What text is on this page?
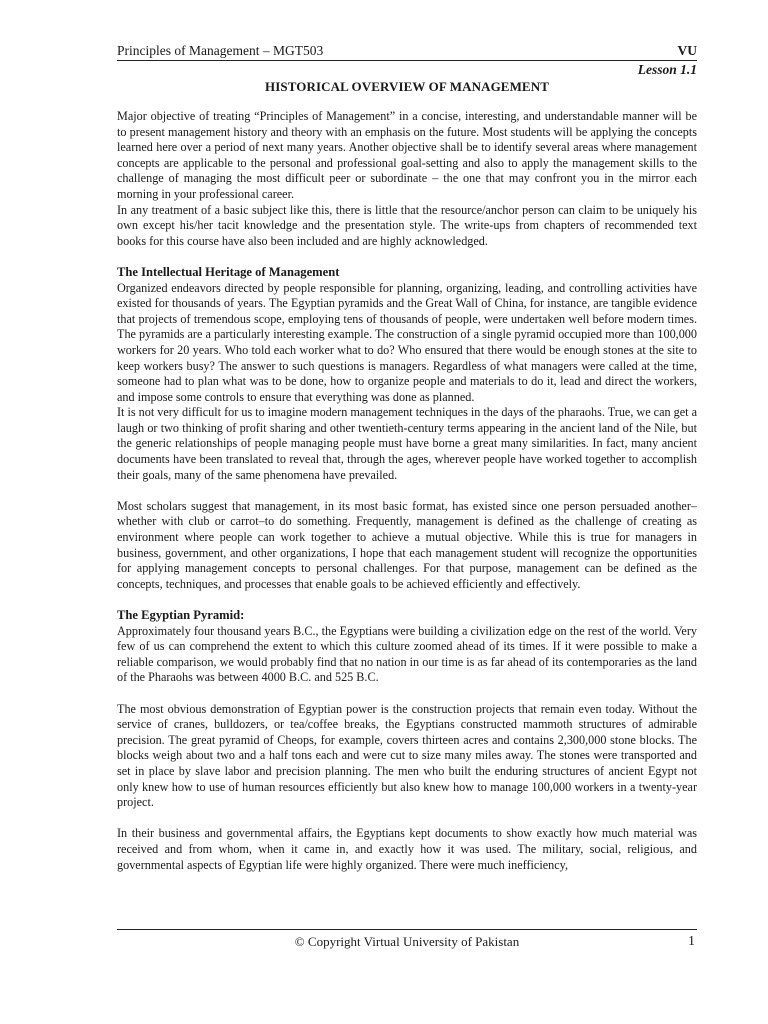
Principles of Management – MGT503	VU
Lesson 1.1
HISTORICAL OVERVIEW OF MANAGEMENT

Major objective of treating “Principles of Management” in a concise, interesting, and understandable manner will be to present management history and theory with an emphasis on the future. Most students will be applying the concepts learned here over a period of next many years. Another objective shall be to identify several areas where management concepts are applicable to the personal and professional goal-setting and also to apply the management skills to the challenge of managing the most difficult peer or subordinate – the one that may confront you in the mirror each morning in your professional career.

In any treatment of a basic subject like this, there is little that the resource/anchor person can claim to be uniquely his own except his/her tacit knowledge and the presentation style. The write-ups from chapters of recommended text books for this course have also been included and are highly acknowledged.

The Intellectual Heritage of Management

Organized endeavors directed by people responsible for planning, organizing, leading, and controlling activities have existed for thousands of years. The Egyptian pyramids and the Great Wall of China, for instance, are tangible evidence that projects of tremendous scope, employing tens of thousands of people, were undertaken well before modern times. The pyramids are a particularly interesting example. The construction of a single pyramid occupied more than 100,000 workers for 20 years. Who told each worker what to do? Who ensured that there would be enough stones at the site to keep workers busy? The answer to such questions is managers. Regardless of what managers were called at the time, someone had to plan what was to be done, how to organize people and materials to do it, lead and direct the workers, and impose some controls to ensure that everything was done as planned.

It is not very difficult for us to imagine modern management techniques in the days of the pharaohs. True, we can get a laugh or two thinking of profit sharing and other twentieth-century terms appearing in the ancient land of the Nile, but the generic relationships of people managing people must have borne a great many similarities. In fact, many ancient documents have been translated to reveal that, through the ages, wherever people have worked together to accomplish their goals, many of the same phenomena have prevailed.

Most scholars suggest that management, in its most basic format, has existed since one person persuaded another–whether with club or carrot–to do something. Frequently, management is defined as the challenge of creating as environment where people can work together to achieve a mutual objective. While this is true for managers in business, government, and other organizations, I hope that each management student will recognize the opportunities for applying management concepts to personal challenges. For that purpose, management can be defined as the concepts, techniques, and processes that enable goals to be achieved efficiently and effectively.

The Egyptian Pyramid:

Approximately four thousand years B.C., the Egyptians were building a civilization edge on the rest of the world. Very few of us can comprehend the extent to which this culture zoomed ahead of its times. If it were possible to make a reliable comparison, we would probably find that no nation in our time is as far ahead of its contemporaries as the land of the Pharaohs was between 4000 B.C. and 525 B.C.

The most obvious demonstration of Egyptian power is the construction projects that remain even today. Without the service of cranes, bulldozers, or tea/coffee breaks, the Egyptians constructed mammoth structures of admirable precision. The great pyramid of Cheops, for example, covers thirteen acres and contains 2,300,000 stone blocks. The blocks weigh about two and a half tons each and were cut to size many miles away. The stones were transported and set in place by slave labor and precision planning. The men who built the enduring structures of ancient Egypt not only knew how to use of human resources efficiently but also knew how to manage 100,000 workers in a twenty-year project.

In their business and governmental affairs, the Egyptians kept documents to show exactly how much material was received and from whom, when it came in, and exactly how it was used. The military, social, religious, and governmental aspects of Egyptian life were highly organized. There were much inefficiency,

© Copyright Virtual University of Pakistan	1
